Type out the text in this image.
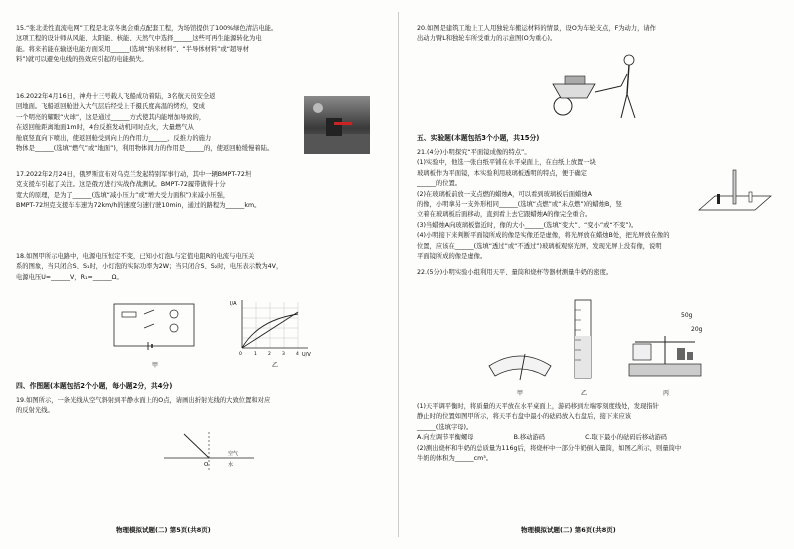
15.“张北柔性直流电网”工程是北京冬奥会重点配套工程，为场馆提供了100%绿色清洁电能。

这项工程的设计师从风能、太阳能、核能、天然气中选择______这些可再生能源转化为电

能。将来若能在输送电能方面采用______(选填“纳米材料”、“半导体材料”或“超导材

料”)就可以避免电线的热效应引起的电能损失。

16.2022年4月16日，神舟十三号载人飞船成功着陆，3名航天员安全返

回地面。飞船返回舱进入大气层后经受上千摄氏度高温的烤灼，变成

一个明亮的耀眼“火球”，这是通过______方式使其内能增加导致的，

在返回舱距离地面1m时，4台反推发动机同时点火，大量燃气从

舱底竖直向下喷出，使返回舱受到向上的作用力______，反推力的施力

物体是______(选填“燃气”或“地面”)，利用物体间力的作用是______的，使返回舱缓慢着陆。

17.2022年2月24日，俄罗斯宣布对乌克兰发起特别军事行动，其中一辆BMPT-72坦

克支援车引起了关注。这是俄方进行实战作战测试。BMPT-72履带做得十分

宽大的原理，是为了______(选填“减小压力”或“增大受力面积”)来减小压强，

BMPT-72坦克支援车车速为72km/h的速度匀速行驶10min，通过的路程为______km。

18.如图甲所示电路中，电源电压恒定不变，已知小灯泡L与定值电阻R的电流与电压关

系的图象，当只闭合S、S₁时，小灯泡的实际功率为2W；当只闭合S、S₂时，电压表示数为4V，

电源电压U=______V，R₁=______Ω。

甲
I/A
U/V
0	1 2 3 4
乙
四、作图题(本题包括2个小题，每小题2分，共4分)

19.如图所示，一条光线从空气斜射到平静水面上的O点，请画出折射光线的大致位置和对应

的反射光线。

O
空气
水
物理模拟试题(二) 第5页(共8页)

20.如图是建筑工地上工人用独轮车搬运材料的情景，设O为车轮支点，F为动力，请作

出动力臂L和独轮车所受重力的示意图(O为重心)。

五、实验题(本题包括3个小题，共15分)

21.(4分)小明探究“平面镜成像的特点”。

(1)实验中，他选一张白纸平铺在水平桌面上，在白纸上放置一块

玻璃板作为平面镜，本实验利用玻璃板透明的特点，便于确定

______的位置。

(2)在玻璃板前放一支点燃的蜡烛A，可以看到玻璃板后面蜡烛A

的像，小明拿另一支外形相同______(选填“点燃”或“未点燃”)的蜡烛B，竖

立着在玻璃板后面移动，直到看上去它跟蜡烛A的像完全重合。

(3)当蜡烛A向玻璃板靠近时，像的大小______(选填“变大”、“变小”或“不变”)。

(4)小明接下来判断平面镜所成的像是实像还是虚像，将光屏放在蜡烛B处，把光屏放在像的

位置，应该在______(选填“透过”或“不透过”)玻璃板观察光屏，发现光屏上没有像，说明

平面镜所成的像是虚像。

22.(5分)小明实验小组利用天平、量筒和烧杯等器材测量牛奶的密度。

甲	乙
50g
20g
丙

(1)天平调平衡时，将质量的天平放在水平桌面上，游码移到左端零刻度线处，发现指针

静止时的位置如图甲所示，将天平右盘中最小的砝码放入右盘后，接下来应该

______(选填字母)。

A.向左调节平衡螺母	B.移动游码	C.取下最小的砝码后移动游码

(2)测出烧杯和牛奶的总质量为116g后，将烧杯中一部分牛奶倒入量筒，如图乙所示，则量筒中

牛奶的体积为______cm³。

物理模拟试题(二) 第6页(共8页)
